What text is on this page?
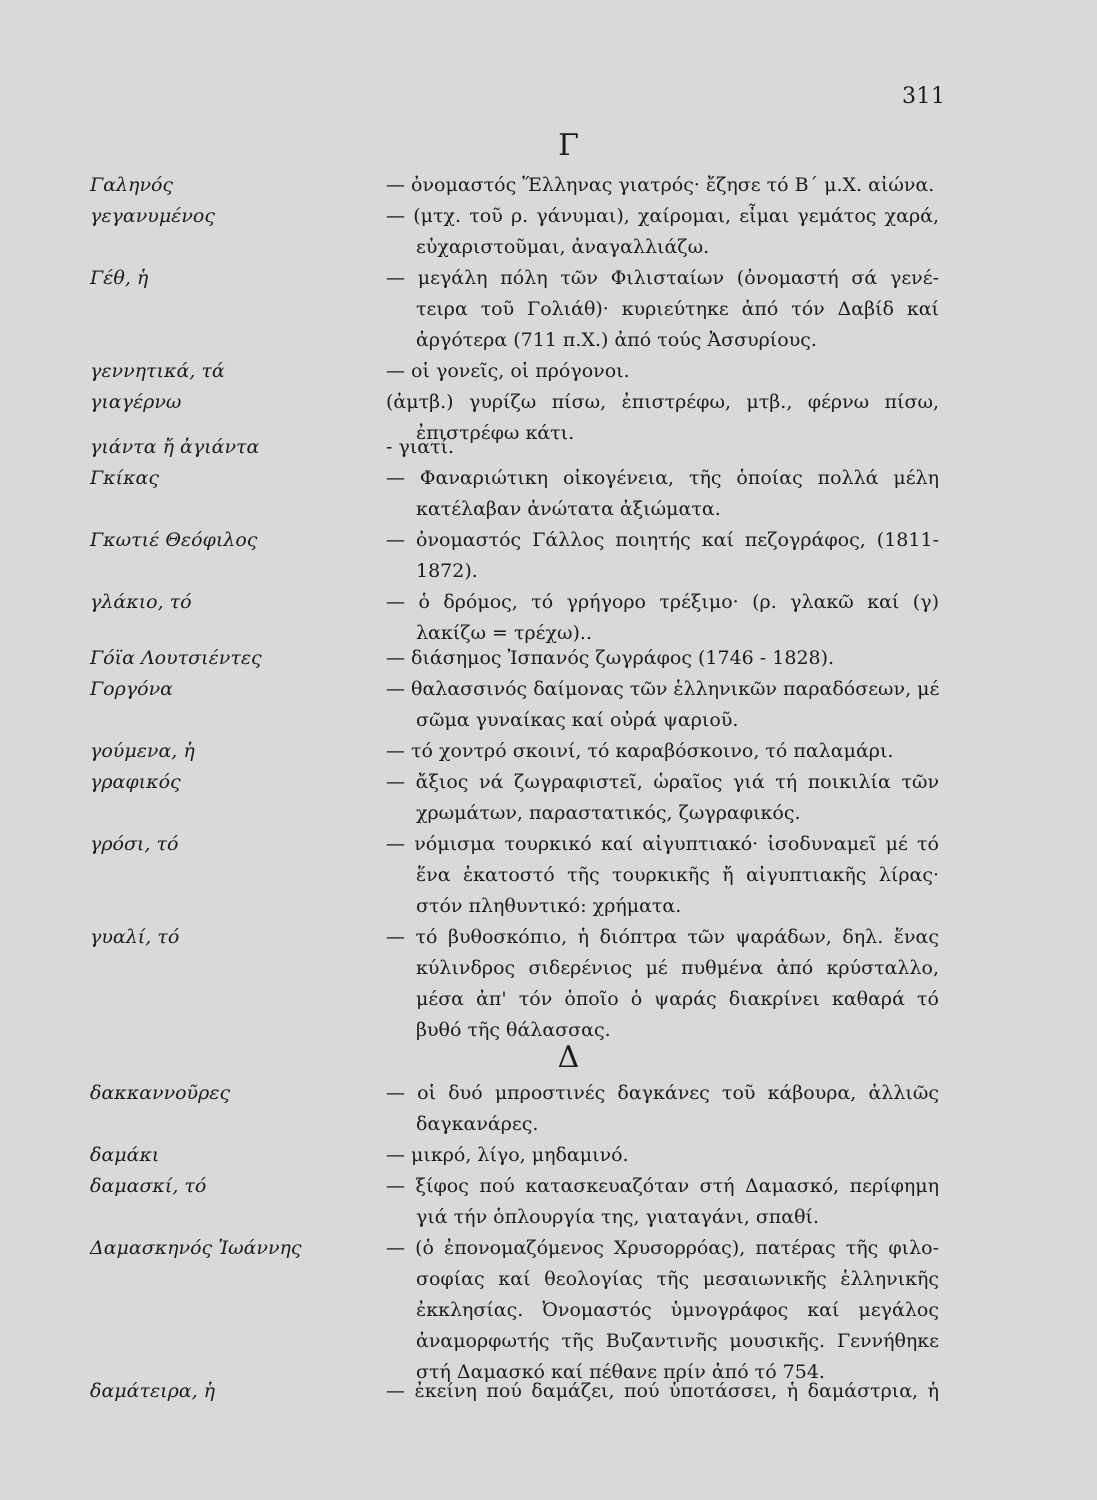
311
Γ
Δ
Γαληνός	— ὀνομαστός Ἕλληνας γιατρός· ἔζησε τό Β΄ μ.Χ. αἰώνα.
γεγανυμένος	— (μτχ. τοῦ ρ. γάνυμαι), χαίρομαι, εἶμαι γεμάτος χαρά,
εὐχαριστοῦμαι, ἀναγαλλιάζω.
Γέθ, ἡ	— μεγάλη πόλη τῶν Φιλισταίων (ὀνομαστή σά γενέ-
τειρα τοῦ Γολιάθ)· κυριεύτηκε ἀπό τόν Δαβίδ καί
ἀργότερα (711 π.Χ.) ἀπό τούς Ἀσσυρίους.
γεννητικά, τά	— οἱ γονεῖς, οἱ πρόγονοι.
γιαγέρνω	(ἀμτβ.) γυρίζω πίσω, ἐπιστρέφω, μτβ., φέρνω πίσω,
ἐπιστρέφω κάτι.
γιάντα ἤ ἀγιάντα	- γιατί.
Γκίκας	— Φαναριώτικη οἰκογένεια, τῆς ὁποίας πολλά μέλη
κατέλαβαν ἀνώτατα ἀξιώματα.
Γκωτιέ Θεόφιλος	— ὀνομαστός Γάλλος ποιητής καί πεζογράφος, (1811-
1872).
γλάκιο, τό	— ὁ δρόμος, τό γρήγορο τρέξιμο· (ρ. γλακῶ καί (γ)
λακίζω = τρέχω)..
Γόϊα Λουτσιέντες	— διάσημος Ἰσπανός ζωγράφος (1746 - 1828).
Γοργόνα	— θαλασσινός δαίμονας τῶν ἑλληνικῶν παραδόσεων, μέ
σῶμα γυναίκας καί οὐρά ψαριοῦ.
γούμενα, ἡ	— τό χοντρό σκοινί, τό καραβόσκοινο, τό παλαμάρι.
γραφικός	— ἄξιος νά ζωγραφιστεῖ, ὡραῖος γιά τή ποικιλία τῶν
χρωμάτων, παραστατικός, ζωγραφικός.
γρόσι, τό	— νόμισμα τουρκικό καί αἰγυπτιακό· ἰσοδυναμεῖ μέ τό
ἕνα ἑκατοστό τῆς τουρκικῆς ἤ αἰγυπτιακῆς λίρας·
στόν πληθυντικό: χρήματα.
γυαλί, τό	— τό βυθοσκόπιο, ἡ διόπτρα τῶν ψαράδων, δηλ. ἕνας
κύλινδρος σιδερένιος μέ πυθμένα ἀπό κρύσταλλο,
μέσα ἀπ' τόν ὁποῖο ὁ ψαράς διακρίνει καθαρά τό
βυθό τῆς θάλασσας.
δακκαννοῦρες	— οἱ δυό μπροστινές δαγκάνες τοῦ κάβουρα, ἀλλιῶς
δαγκανάρες.
δαμάκι	— μικρό, λίγο, μηδαμινό.
δαμασκί, τό	— ξίφος πού κατασκευαζόταν στή Δαμασκό, περίφημη
γιά τήν ὁπλουργία της, γιαταγάνι, σπαθί.
Δαμασκηνός Ἰωάννης	— (ὁ ἐπονομαζόμενος Χρυσορρόας), πατέρας τῆς φιλο-
σοφίας καί θεολογίας τῆς μεσαιωνικῆς ἑλληνικῆς
ἐκκλησίας. Ὀνομαστός ὑμνογράφος καί μεγάλος
ἀναμορφωτής τῆς Βυζαντινῆς μουσικῆς. Γεννήθηκε
στή Δαμασκό καί πέθανε πρίν ἀπό τό 754.
δαμάτειρα, ἡ	— ἐκείνη πού δαμάζει, πού ὑποτάσσει, ἡ δαμάστρια, ἡ
